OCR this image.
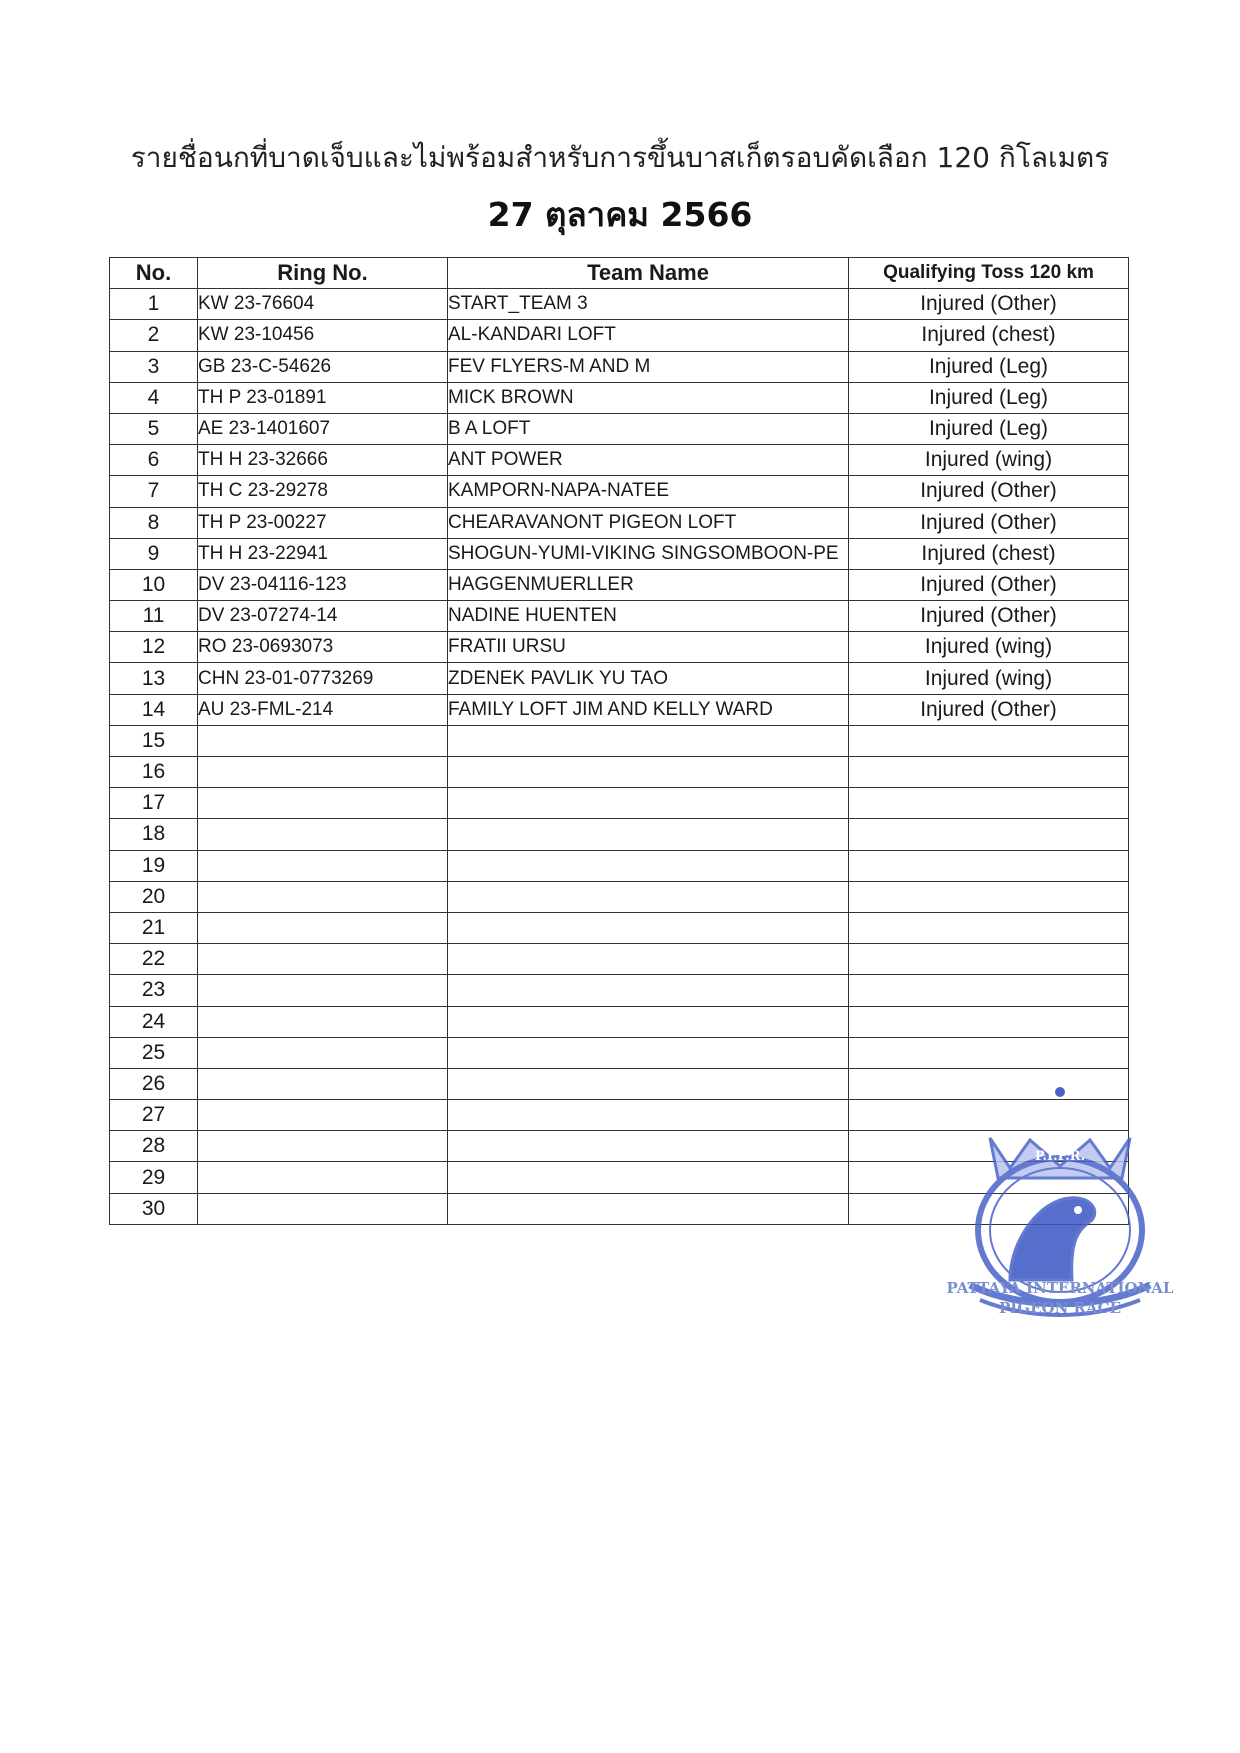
รายชื่อนกที่บาดเจ็บและไม่พร้อมสำหรับการขึ้นบาสเก็ตรอบคัดเลือก 120 กิโลเมตร
27 ตุลาคม 2566
No.	Ring No.	Team Name	Qualifying Toss 120 km
1	KW 23-76604	START_TEAM 3	Injured (Other)
2	KW 23-10456	AL-KANDARI LOFT	Injured (chest)
3	GB 23-C-54626	FEV FLYERS-M AND M	Injured (Leg)
4	TH P 23-01891	MICK BROWN	Injured (Leg)
5	AE 23-1401607	B A LOFT	Injured (Leg)
6	TH H 23-32666	ANT POWER	Injured (wing)
7	TH C 23-29278	KAMPORN-NAPA-NATEE	Injured (Other)
8	TH P 23-00227	CHEARAVANONT PIGEON LOFT	Injured (Other)
9	TH H 23-22941	SHOGUN-YUMI-VIKING SINGSOMBOON-PE	Injured (chest)
10	DV 23-04116-123	HAGGENMUERLLER	Injured (Other)
11	DV 23-07274-14	NADINE HUENTEN	Injured (Other)
12	RO 23-0693073	FRATII URSU	Injured (wing)
13	CHN 23-01-0773269	ZDENEK PAVLIK YU TAO	Injured (wing)
14	AU 23-FML-214	FAMILY LOFT JIM AND KELLY WARD	Injured (Other)
15			
16			
17			
18			
19			
20			
21			
22			
23			
24			
25			
26			
27			
28			
29			
30			
P.I.P.R.
PATTAYA INTERNATIONAL
PIGEON RACE
